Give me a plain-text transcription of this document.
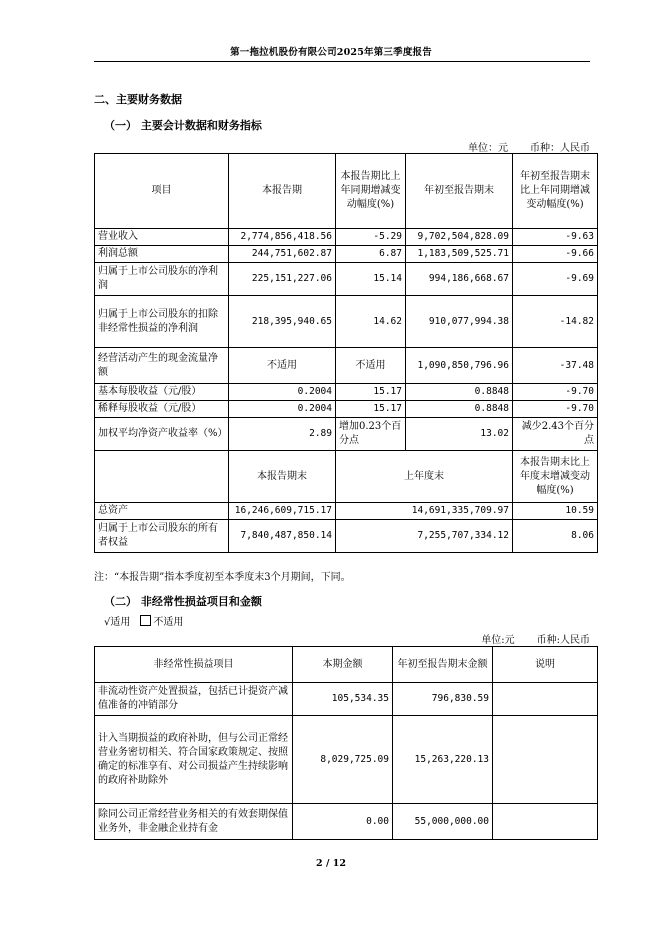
第一拖拉机股份有限公司2025年第三季度报告
二、主要财务数据
（一） 主要会计数据和财务指标
单位：元 币种：人民币
项目	本报告期	本报告期比上年同期增减变动幅度(%)	年初至报告期末	年初至报告期末比上年同期增减变动幅度(%)
营业收入	2,774,856,418.56	-5.29	9,702,504,828.09	-9.63
利润总额	244,751,602.87	6.87	1,183,509,525.71	-9.66
归属于上市公司股东的净利润	225,151,227.06	15.14	994,186,668.67	-9.69
归属于上市公司股东的扣除非经常性损益的净利润	218,395,940.65	14.62	910,077,994.38	-14.82
经营活动产生的现金流量净额	不适用	不适用	1,090,850,796.96	-37.48
基本每股收益（元/股）	0.2004	15.17	0.8848	-9.70
稀释每股收益（元/股）	0.2004	15.17	0.8848	-9.70
加权平均净资产收益率（%）	2.89	增加0.23个百分点	13.02	减少2.43个百分点
	本报告期末	上年度末		本报告期末比上年度末增减变动幅度(%)
总资产	16,246,609,715.17	14,691,335,709.97		10.59
归属于上市公司股东的所有者权益	7,840,487,850.14	7,255,707,334.12		8.06
注：“本报告期”指本季度初至本季度末3个月期间，下同。
（二） 非经常性损益项目和金额
√适用 不适用
单位:元 币种:人民币
非经常性损益项目	本期金额	年初至报告期末金额	说明
非流动性资产处置损益，包括已计提资产减值准备的冲销部分	105,534.35	796,830.59	
计入当期损益的政府补助，但与公司正常经营业务密切相关、符合国家政策规定、按照确定的标准享有、对公司损益产生持续影响的政府补助除外	8,029,725.09	15,263,220.13	
除同公司正常经营业务相关的有效套期保值业务外，非金融企业持有金	0.00	55,000,000.00	
2 / 12
